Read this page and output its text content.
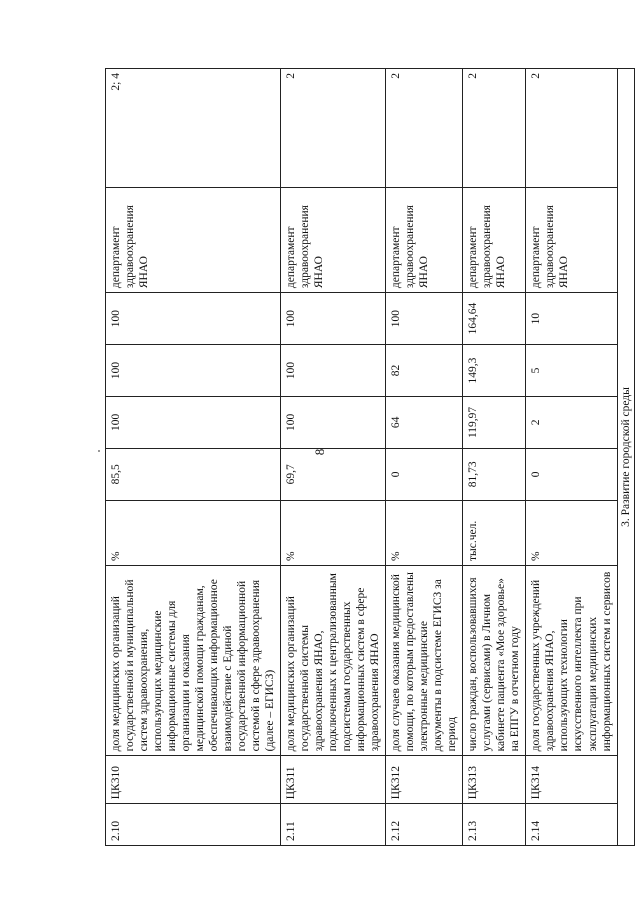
8
2.10	ЦК310	доля медицинских организаций государственной и муниципальной систем здравоохранения, использующих медицинские информационные системы для организации и оказания медицинской помощи гражданам, обеспечивающих информационное взаимодействие с Единой государственной информационной системой в сфере здравоохранения (далее – ЕГИСЗ)	%	85,5	100	100	100	департамент здравоохранения ЯНАО	2; 4
2.11	ЦК311	доля медицинских организаций государственной системы здравоохранения ЯНАО, подключенных к централизованным подсистемам государственных информационных систем в сфере здравоохранения ЯНАО	%	69,7	100	100	100	департамент здравоохранения ЯНАО	2
2.12	ЦК312	доля случаев оказания медицинской помощи, по которым предоставлены электронные медицинские документы в подсистеме ЕГИСЗ за период	%	0	64	82	100	департамент здравоохранения ЯНАО	2
2.13	ЦК313	число граждан, воспользовавшихся услугами (сервисами) в Личном кабинете пациента «Мое здоровье» на ЕПГУ в отчетном году	тыс.чел.	81,73	119,97	149,3	164,64	департамент здравоохранения ЯНАО	2
2.14	ЦК314	доля государственных учреждений здравоохранения ЯНАО, использующих технологии искусственного интеллекта при эксплуатации медицинских информационных систем и сервисов	%	0	2	5	10	департамент здравоохранения ЯНАО	2
3. Развитие городской среды									
